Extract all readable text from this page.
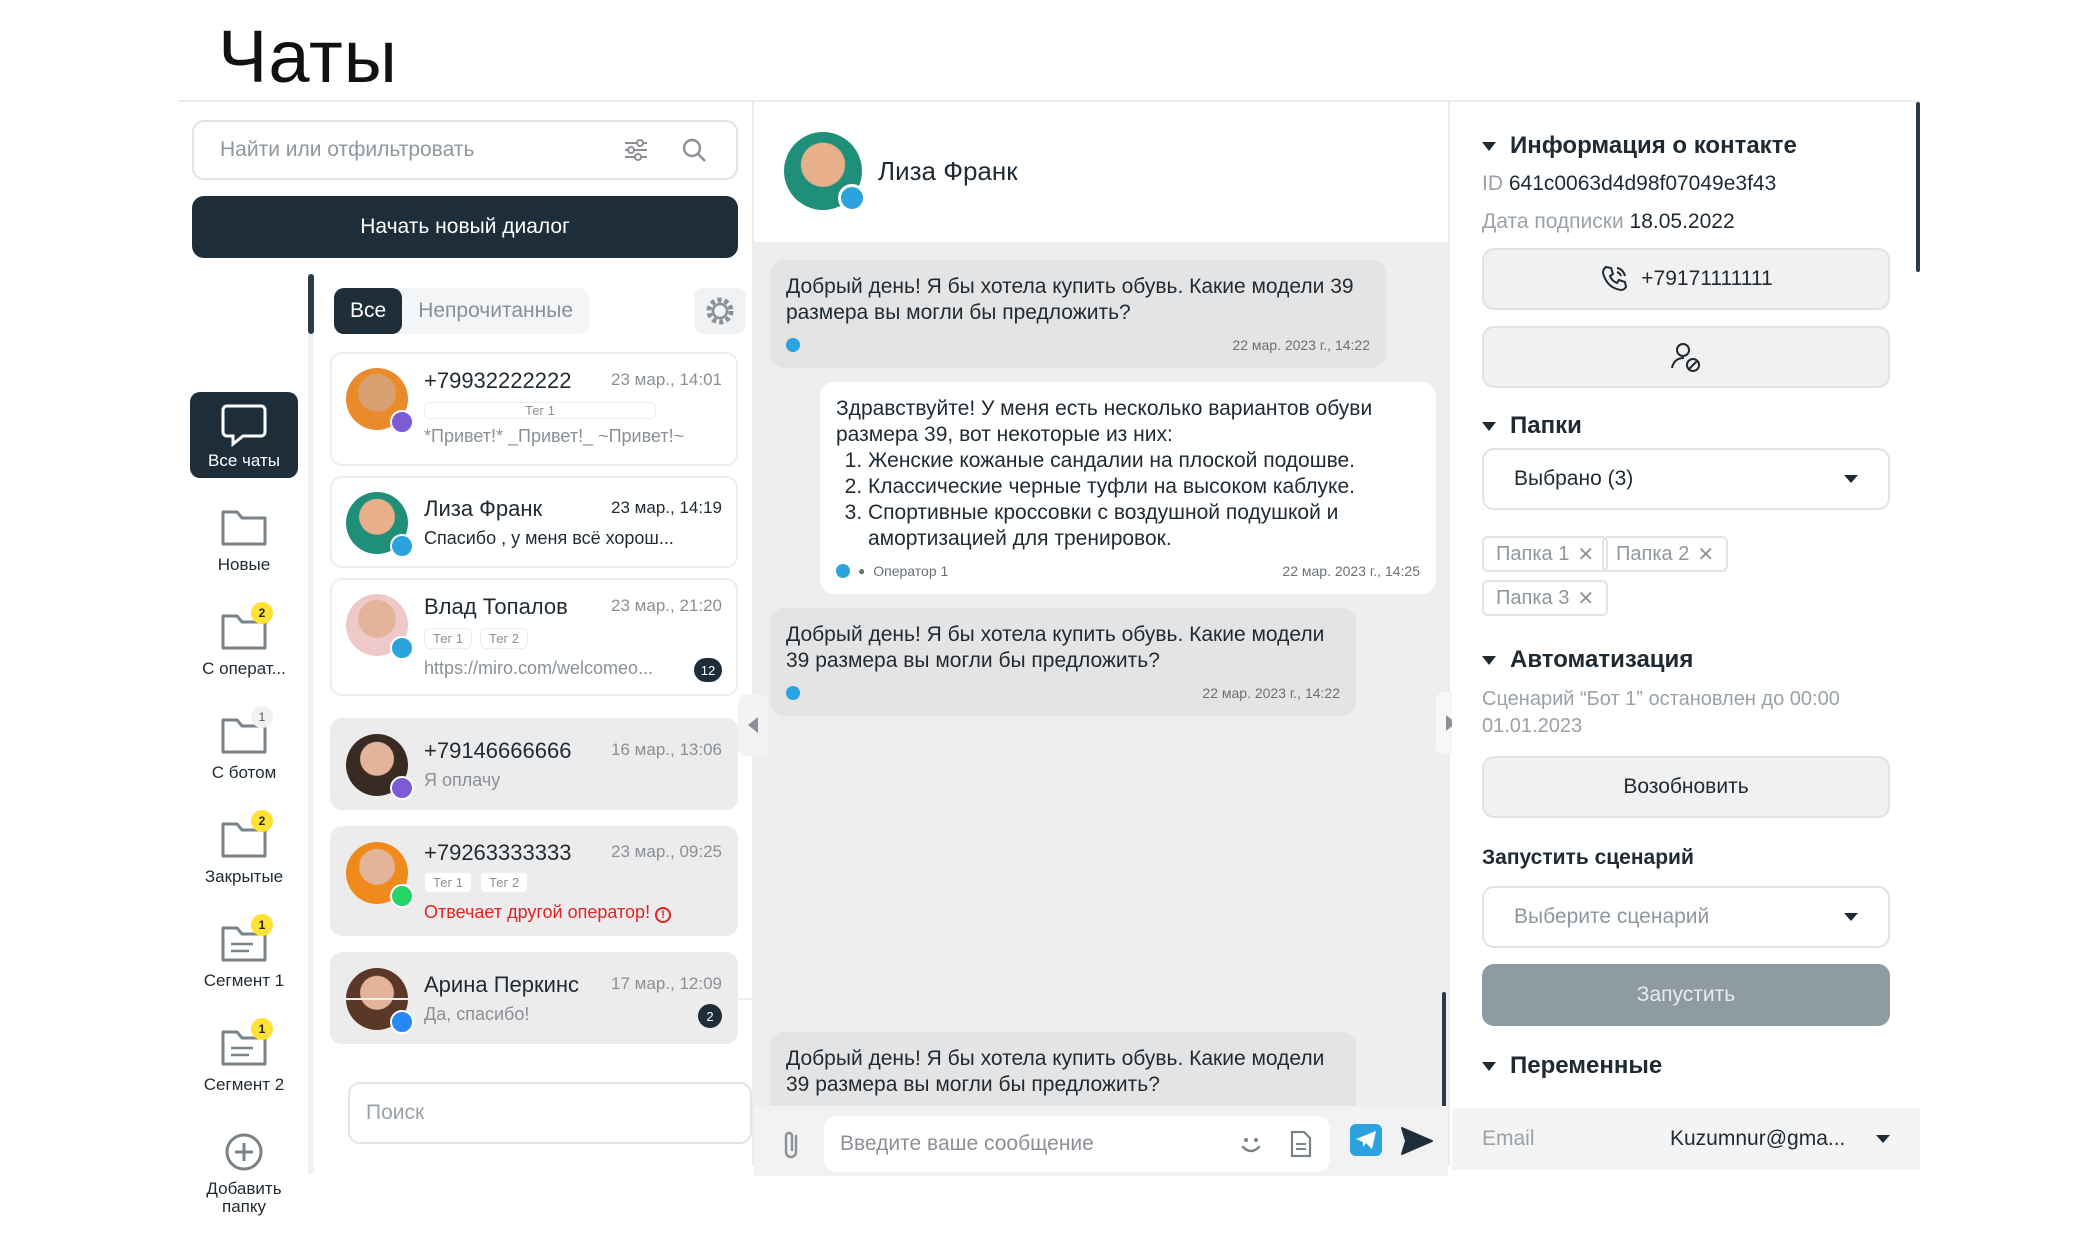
Чаты
Найти или отфильтровать
Начать новый диалог
Все чаты
Новые
2
С операт...
1
С ботом
2
Закрытые
1
Сегмент 1
1
Сегмент 2
Добавить папку
Все	Непрочитанные
+79932222222 23 мар., 14:01
Тег 1
*Привет!* _Привет!_ ~Привет!~
Лиза Франк	23 мар., 14:19
Спасибо , у меня всё хорош...
Влад Топалов	23 мар., 21:20
Тег 1 Тег 2
https://miro.com/welcomeo...	12
+79146666666 16 мар., 13:06
Я оплачу
+79263333333 23 мар., 09:25
Тег 1 Тег 2
Отвечает другой оператор! !
Арина Перкинс 17 мар., 12:09
Да, спасибо!	2
Поиск
Лиза Франк
Добрый день! Я бы хотела купить обувь. Какие модели 39 размера вы могли бы предложить?
22 мар. 2023 г., 14:22
Здравствуйте! У меня есть несколько вариантов обуви размера 39, вот некоторые из них:
1. Женские кожаные сандалии на плоской подошве.
2. Классические черные туфли на высоком каблуке.
3. Спортивные кроссовки с воздушной подушкой и амортизацией для тренировок.
● Оператор 1	22 мар. 2023 г., 14:25
Добрый день! Я бы хотела купить обувь. Какие модели 39 размера вы могли бы предложить?
22 мар. 2023 г., 14:22
Добрый день! Я бы хотела купить обувь. Какие модели 39 размера вы могли бы предложить?
Введите ваше сообщение
Информация о контакте
ID 641c0063d4d98f07049e3f43
Дата подписки 18.05.2022
+79171111111
Папки
Выбрано (3)
Папка 1 ✕ Папка 2 ✕
Папка 3 ✕
Автоматизация
Сценарий “Бот 1” остановлен до 00:00 01.01.2023
Возобновить
Запустить сценарий
Выберите сценарий
Запустить
Переменные
Email	Kuzumnur@gma...
